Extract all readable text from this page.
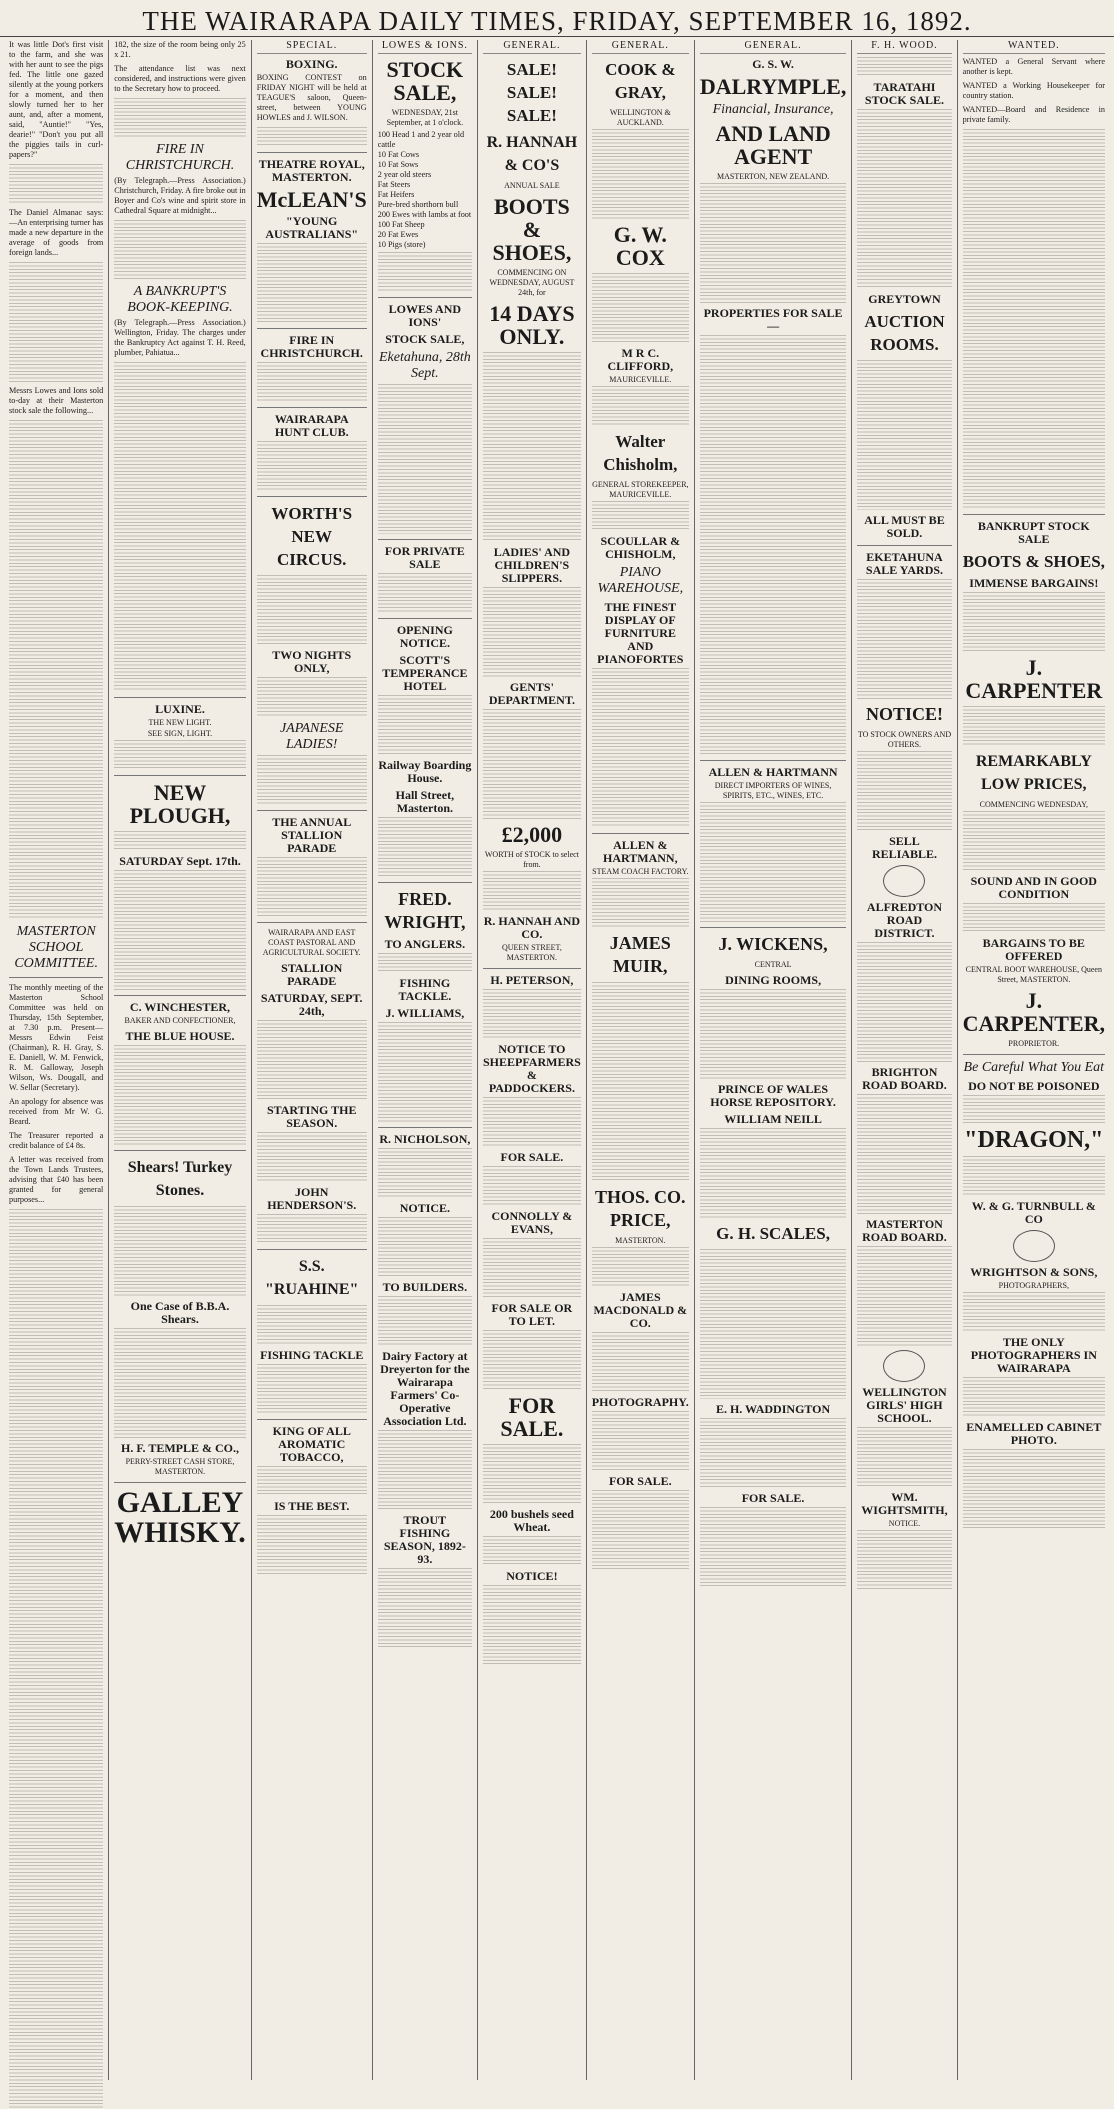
THE WAIRARAPA DAILY TIMES, FRIDAY, SEPTEMBER 16, 1892.

It was little Dot's first visit to the farm, and she was with her aunt to see the pigs fed. The little one gazed silently at the young porkers for a moment, and then slowly turned her to her aunt, and, after a moment, said, "Auntie!" "Yes, dearie!" "Don't you put all the piggies tails in curl-papers?"

The Daniel Almanac says:—An enterprising turner has made a new departure in the average of goods from foreign lands...

Messrs Lowes and Ions sold to-day at their Masterton stock sale the following...

MASTERTON SCHOOL COMMITTEE.

The monthly meeting of the Masterton School Committee was held on Thursday, 15th September, at 7.30 p.m. Present—Messrs Edwin Feist (Chairman), R. H. Gray, S. E. Daniell, W. M. Fenwick, R. M. Galloway, Joseph Wilson, Ws. Dougall, and W. Sellar (Secretary).

An apology for absence was received from Mr W. G. Beard.

The Treasurer reported a credit balance of £4 8s.

A letter was received from the Town Lands Trustees, advising that £40 has been granted for general purposes...

182, the size of the room being only 25 x 21.

The attendance list was next considered, and instructions were given to the Secretary how to proceed.

FIRE IN CHRISTCHURCH.

(By Telegraph.—Press Association.) Christchurch, Friday. A fire broke out in Boyer and Co's wine and spirit store in Cathedral Square at midnight...

A BANKRUPT'S BOOK-KEEPING.

(By Telegraph.—Press Association.) Wellington, Friday. The charges under the Bankruptcy Act against T. H. Reed, plumber, Pahiatua...

LUXINE.
THE NEW LIGHT.
SEE SIGN, LIGHT.
NEW PLOUGH,
SATURDAY Sept. 17th.
C. WINCHESTER,
BAKER AND CONFECTIONER,
THE BLUE HOUSE.
Shears! Turkey Stones.
One Case of B.B.A. Shears.
H. F. TEMPLE & CO.,
PERRY-STREET CASH STORE, MASTERTON.
GALLEY WHISKY.
SPECIAL.
BOXING.

BOXING CONTEST on FRIDAY NIGHT will be held at TEAGUE'S saloon, Queen-street, between YOUNG HOWLES and J. WILSON.

THEATRE ROYAL, MASTERTON.
McLEAN'S
"YOUNG AUSTRALIANS"
FIRE IN CHRISTCHURCH.
WAIRARAPA HUNT CLUB.
WORTH'S NEW CIRCUS.
TWO NIGHTS ONLY,
JAPANESE LADIES!
THE ANNUAL STALLION PARADE
WAIRARAPA AND EAST COAST PASTORAL AND AGRICULTURAL SOCIETY.
STALLION PARADE
SATURDAY, SEPT. 24th,
STARTING THE SEASON.
JOHN HENDERSON'S.
S.S. "RUAHINE"
FISHING TACKLE
KING OF ALL AROMATIC TOBACCO,
IS THE BEST.
LOWES & IONS.
STOCK SALE,
WEDNESDAY, 21st September, at 1 o'clock.
100 Head 1 and 2 year old cattle
10 Fat Cows
10 Fat Sows
2 year old steers
Fat Steers
Fat Heifers
Pure-bred shorthorn bull
200 Ewes with lambs at foot
100 Fat Sheep
20 Fat Ewes
10 Pigs (store)
LOWES AND IONS'
STOCK SALE,
Eketahuna, 28th Sept.
FOR PRIVATE SALE
OPENING NOTICE.
SCOTT'S TEMPERANCE HOTEL
Railway Boarding House.
Hall Street, Masterton.
FRED. WRIGHT,
TO ANGLERS.
FISHING TACKLE.
J. WILLIAMS,
R. NICHOLSON,
NOTICE.
TO BUILDERS.
Dairy Factory at Dreyerton for the Wairarapa Farmers' Co-Operative Association Ltd.
TROUT FISHING SEASON, 1892-93.
GENERAL.
SALE! SALE! SALE!
R. HANNAH & CO'S
ANNUAL SALE
BOOTS & SHOES,
COMMENCING ON WEDNESDAY, AUGUST 24th, for
14 DAYS ONLY.
LADIES' AND CHILDREN'S SLIPPERS.
GENTS' DEPARTMENT.
£2,000
WORTH of STOCK to select from.
R. HANNAH AND CO.
QUEEN STREET, MASTERTON.
H. PETERSON,
NOTICE TO SHEEPFARMERS & PADDOCKERS.
FOR SALE.
CONNOLLY & EVANS,
FOR SALE OR TO LET.
FOR SALE.
200 bushels seed Wheat.
NOTICE!
GENERAL.
COOK & GRAY,
WELLINGTON & AUCKLAND.
G. W. COX
M R C. CLIFFORD,
MAURICEVILLE.
Walter Chisholm,
GENERAL STOREKEEPER, MAURICEVILLE.
SCOULLAR & CHISHOLM,
PIANO WAREHOUSE,
THE FINEST DISPLAY OF FURNITURE AND PIANOFORTES
ALLEN & HARTMANN,
STEAM COACH FACTORY.
JAMES MUIR,
THOS. CO. PRICE,
MASTERTON.
JAMES MACDONALD & CO.
PHOTOGRAPHY.
FOR SALE.
GENERAL.
G. S. W.
DALRYMPLE,
Financial, Insurance,
AND LAND AGENT
MASTERTON, NEW ZEALAND.
PROPERTIES FOR SALE—
ALLEN & HARTMANN
DIRECT IMPORTERS OF WINES, SPIRITS, ETC., WINES, ETC.
J. WICKENS,
CENTRAL
DINING ROOMS,
PRINCE OF WALES HORSE REPOSITORY.
WILLIAM NEILL
G. H. SCALES,
E. H. WADDINGTON
FOR SALE.
F. H. WOOD.
TARATAHI STOCK SALE.
GREYTOWN
AUCTION ROOMS.
ALL MUST BE SOLD.
EKETAHUNA SALE YARDS.
NOTICE!
TO STOCK OWNERS AND OTHERS.
SELL RELIABLE.
ALFREDTON ROAD DISTRICT.
BRIGHTON ROAD BOARD.
MASTERTON ROAD BOARD.
WELLINGTON GIRLS' HIGH SCHOOL.
WM. WIGHTSMITH,
NOTICE.
WANTED.

WANTED a General Servant where another is kept.

WANTED a Working Housekeeper for country station.

WANTED—Board and Residence in private family.

BANKRUPT STOCK SALE
BOOTS & SHOES,
IMMENSE BARGAINS!
J. CARPENTER
REMARKABLY LOW PRICES,
COMMENCING WEDNESDAY,
SOUND AND IN GOOD CONDITION
BARGAINS TO BE OFFERED
CENTRAL BOOT WAREHOUSE, Queen Street, MASTERTON.
J. CARPENTER,
PROPRIETOR.
Be Careful What You Eat
DO NOT BE POISONED
"DRAGON,"
W. & G. TURNBULL & CO
WRIGHTSON & SONS,
PHOTOGRAPHERS,
THE ONLY PHOTOGRAPHERS IN WAIRARAPA
ENAMELLED CABINET PHOTO.
